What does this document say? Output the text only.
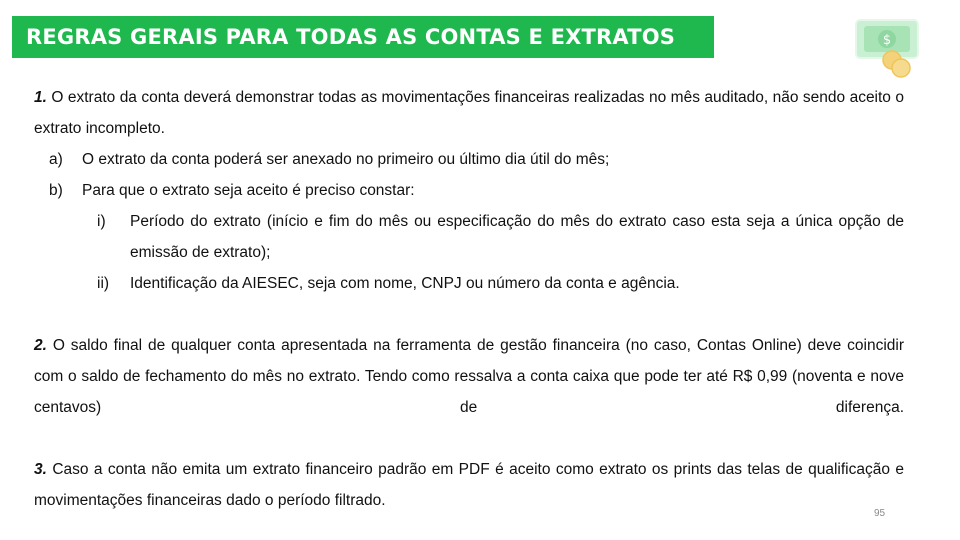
REGRAS GERAIS PARA TODAS AS CONTAS E EXTRATOS	$

1. O extrato da conta deverá demonstrar todas as movimentações financeiras realizadas no mês auditado, não sendo aceito o extrato incompleto.

a)	O extrato da conta poderá ser anexado no primeiro ou último dia útil do mês;
b)	Para que o extrato seja aceito é preciso constar:
i)	Período do extrato (início e fim do mês ou especificação do mês do extrato caso esta seja a única opção de emissão de extrato);
ii)	Identificação da AIESEC, seja com nome, CNPJ ou número da conta e agência.

2. O saldo final de qualquer conta apresentada na ferramenta de gestão financeira (no caso, Contas Online) deve coincidir com o saldo de fechamento do mês no extrato. Tendo como ressalva a conta caixa que pode ter até R$ 0,99 (noventa e nove centavos) de diferença.

3. Caso a conta não emita um extrato financeiro padrão em PDF é aceito como extrato os prints das telas de qualificação e movimentações financeiras dado o período filtrado.

95
